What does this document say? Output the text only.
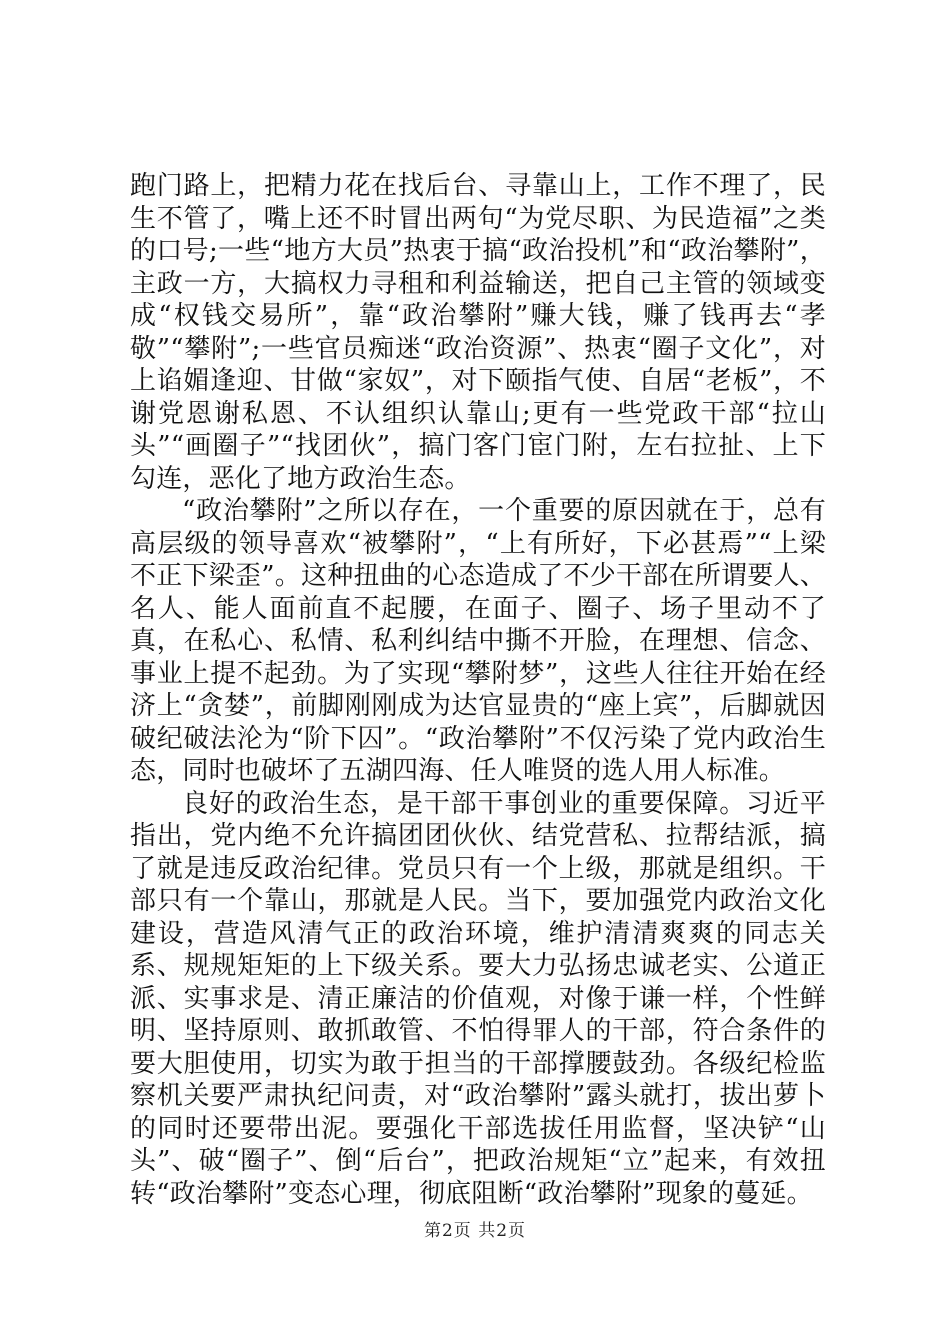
跑门路上，把精力花在找后台、寻靠山上，工作不理了，民生不管了，嘴上还不时冒出两句“为党尽职、为民造福”之类的口号;一些“地方大员”热衷于搞“政治投机”和“政治攀附”，主政一方，大搞权力寻租和利益输送，把自己主管的领域变成“权钱交易所”，靠“政治攀附”赚大钱，赚了钱再去“孝敬”“攀附”;一些官员痴迷“政治资源”、热衷“圈子文化”，对上谄媚逢迎、甘做“家奴”，对下颐指气使、自居“老板”，不谢党恩谢私恩、不认组织认靠山;更有一些党政干部“拉山头”“画圈子”“找团伙”，搞门客门宦门附，左右拉扯、上下勾连，恶化了地方政治生态。

“政治攀附”之所以存在，一个重要的原因就在于，总有高层级的领导喜欢“被攀附”，“上有所好，下必甚焉”“上梁不正下梁歪”。这种扭曲的心态造成了不少干部在所谓要人、名人、能人面前直不起腰，在面子、圈子、场子里动不了真，在私心、私情、私利纠结中撕不开脸，在理想、信念、事业上提不起劲。为了实现“攀附梦”，这些人往往开始在经济上“贪婪”，前脚刚刚成为达官显贵的“座上宾”，后脚就因破纪破法沦为“阶下囚”。“政治攀附”不仅污染了党内政治生态，同时也破坏了五湖四海、任人唯贤的选人用人标准。

良好的政治生态，是干部干事创业的重要保障。习近平指出，党内绝不允许搞团团伙伙、结党营私、拉帮结派，搞了就是违反政治纪律。党员只有一个上级，那就是组织。干部只有一个靠山，那就是人民。当下，要加强党内政治文化建设，营造风清气正的政治环境，维护清清爽爽的同志关系、规规矩矩的上下级关系。要大力弘扬忠诚老实、公道正派、实事求是、清正廉洁的价值观，对像于谦一样，个性鲜明、坚持原则、敢抓敢管、不怕得罪人的干部，符合条件的要大胆使用，切实为敢于担当的干部撑腰鼓劲。各级纪检监察机关要严肃执纪问责，对“政治攀附”露头就打，拔出萝卜的同时还要带出泥。要强化干部选拔任用监督，坚决铲“山头”、破“圈子”、倒“后台”，把政治规矩“立”起来，有效扭转“政治攀附”变态心理，彻底阻断“政治攀附”现象的蔓延。

第2页 共2页
